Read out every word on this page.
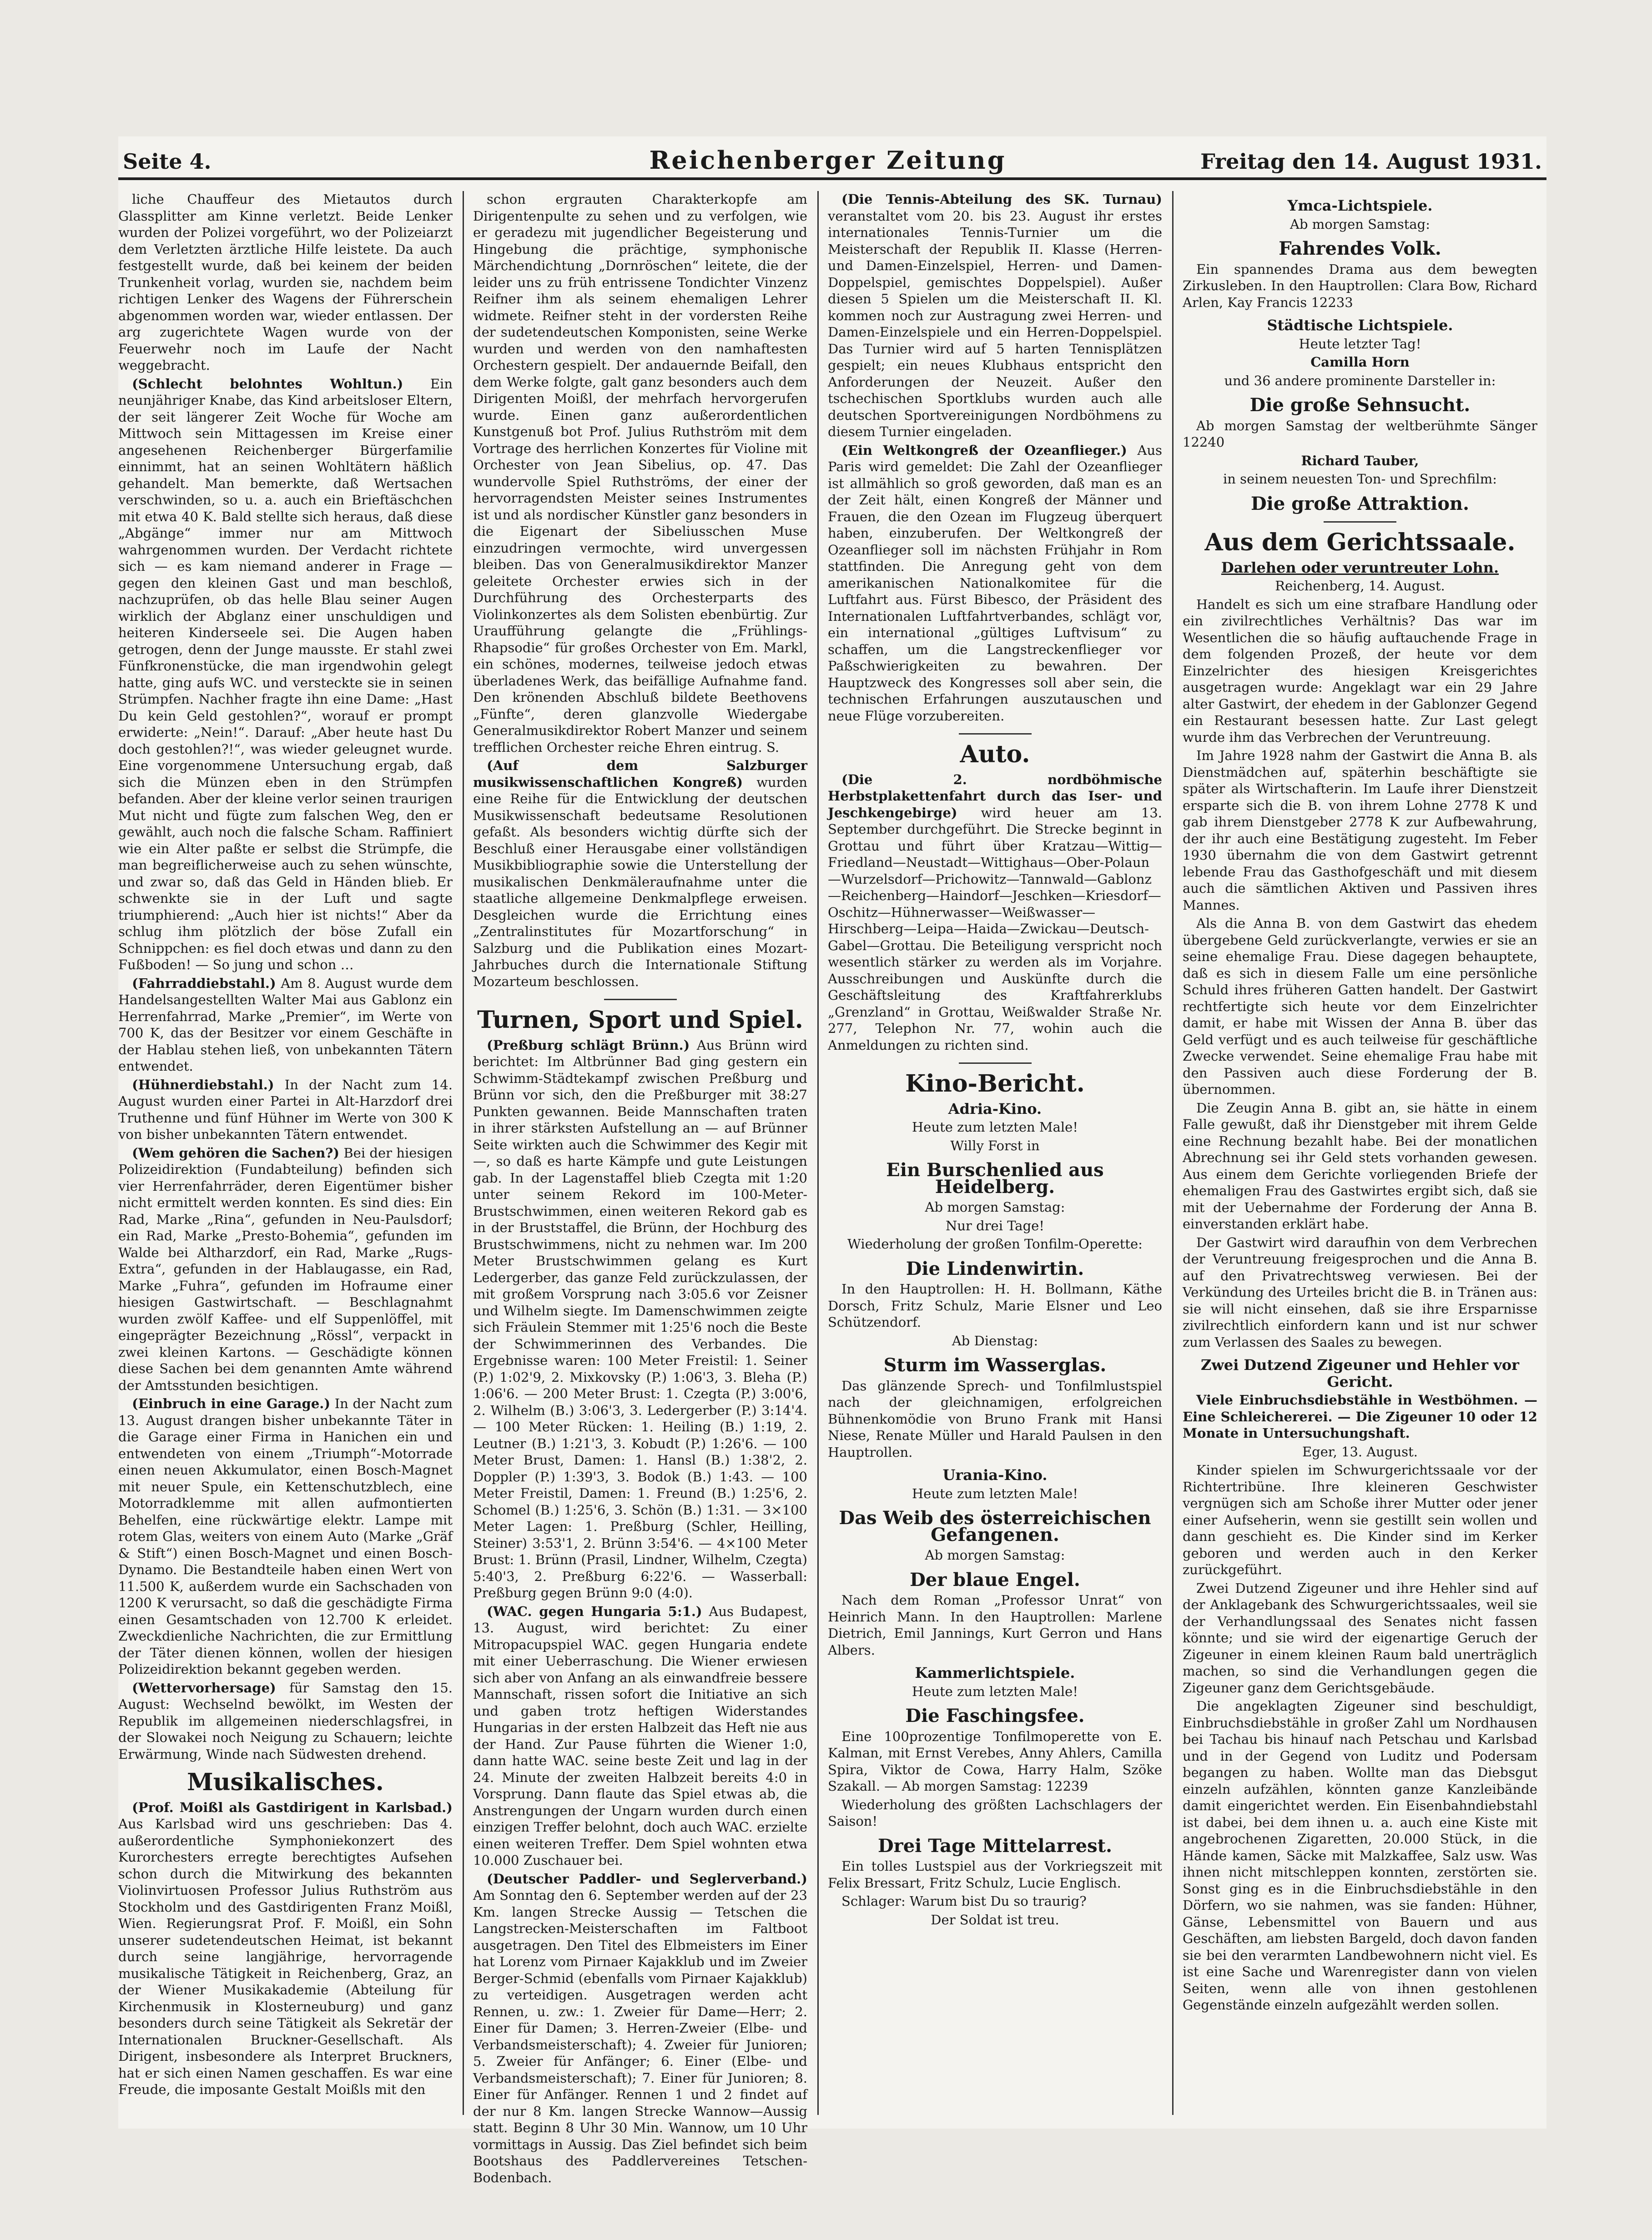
Seite 4.	Reichenberger Zeitung	Freitag den 14. August 1931.

liche Chauffeur des Mietautos durch Glassplitter am Kinne verletzt. Beide Lenker wurden der Polizei vorgeführt, wo der Polizeiarzt dem Verletzten ärztliche Hilfe leistete. Da auch festgestellt wurde, daß bei keinem der beiden Trunkenheit vorlag, wurden sie, nachdem beim richtigen Lenker des Wagens der Führerschein abgenommen worden war, wieder entlassen. Der arg zugerichtete Wagen wurde von der Feuerwehr noch im Laufe der Nacht weggebracht.

(Schlecht belohntes Wohltun.) Ein neunjähriger Knabe, das Kind arbeitsloser Eltern, der seit längerer Zeit Woche für Woche am Mittwoch sein Mittagessen im Kreise einer angesehenen Reichenberger Bürgerfamilie einnimmt, hat an seinen Wohltätern häßlich gehandelt. Man bemerkte, daß Wertsachen verschwinden, so u. a. auch ein Brieftäschchen mit etwa 40 K. Bald stellte sich heraus, daß diese „Abgänge“ immer nur am Mittwoch wahrgenommen wurden. Der Verdacht richtete sich — es kam niemand anderer in Frage — gegen den kleinen Gast und man beschloß, nachzuprüfen, ob das helle Blau seiner Augen wirklich der Abglanz einer unschuldigen und heiteren Kinderseele sei. Die Augen haben getrogen, denn der Junge mausste. Er stahl zwei Fünfkronenstücke, die man irgendwohin gelegt hatte, ging aufs WC. und versteckte sie in seinen Strümpfen. Nachher fragte ihn eine Dame: „Hast Du kein Geld gestohlen?“, worauf er prompt erwiderte: „Nein!“. Darauf: „Aber heute hast Du doch gestohlen?!“, was wieder geleugnet wurde. Eine vorgenommene Untersuchung ergab, daß sich die Münzen eben in den Strümpfen befanden. Aber der kleine verlor seinen traurigen Mut nicht und fügte zum falschen Weg, den er gewählt, auch noch die falsche Scham. Raffiniert wie ein Alter paßte er selbst die Strümpfe, die man begreiflicherweise auch zu sehen wünschte, und zwar so, daß das Geld in Händen blieb. Er schwenkte sie in der Luft und sagte triumphierend: „Auch hier ist nichts!“ Aber da schlug ihm plötzlich der böse Zufall ein Schnippchen: es fiel doch etwas und dann zu den Fußboden! — So jung und schon …

(Fahrraddiebstahl.) Am 8. August wurde dem Handelsangestellten Walter Mai aus Gablonz ein Herrenfahrrad, Marke „Premier“, im Werte von 700 K, das der Besitzer vor einem Geschäfte in der Hablau stehen ließ, von unbekannten Tätern entwendet.

(Hühnerdiebstahl.) In der Nacht zum 14. August wurden einer Partei in Alt-Harzdorf drei Truthenne und fünf Hühner im Werte von 300 K von bisher unbekannten Tätern entwendet.

(Wem gehören die Sachen?) Bei der hiesigen Polizeidirektion (Fundabteilung) befinden sich vier Herrenfahrräder, deren Eigentümer bisher nicht ermittelt werden konnten. Es sind dies: Ein Rad, Marke „Rina“, gefunden in Neu-Paulsdorf; ein Rad, Marke „Presto-Bohemia“, gefunden im Walde bei Altharzdorf, ein Rad, Marke „Rugs-Extra“, gefunden in der Hablaugasse, ein Rad, Marke „Fuhra“, gefunden im Hofraume einer hiesigen Gastwirtschaft. — Beschlagnahmt wurden zwölf Kaffee- und elf Suppenlöffel, mit eingeprägter Bezeichnung „Rössl“, verpackt in zwei kleinen Kartons. — Geschädigte können diese Sachen bei dem genannten Amte während der Amtsstunden besichtigen.

(Einbruch in eine Garage.) In der Nacht zum 13. August drangen bisher unbekannte Täter in die Garage einer Firma in Hanichen ein und entwendeten von einem „Triumph“-Motorrade einen neuen Akkumulator, einen Bosch-Magnet mit neuer Spule, ein Kettenschutzblech, eine Motorradklemme mit allen aufmontierten Behelfen, eine rückwärtige elektr. Lampe mit rotem Glas, weiters von einem Auto (Marke „Gräf & Stift“) einen Bosch-Magnet und einen Bosch-Dynamo. Die Bestandteile haben einen Wert von 11.500 K, außerdem wurde ein Sachschaden von 1200 K verursacht, so daß die geschädigte Firma einen Gesamtschaden von 12.700 K erleidet. Zweckdienliche Nachrichten, die zur Ermittlung der Täter dienen können, wollen der hiesigen Polizeidirektion bekannt gegeben werden.

(Wettervorhersage) für Samstag den 15. August: Wechselnd bewölkt, im Westen der Republik im allgemeinen niederschlagsfrei, in der Slowakei noch Neigung zu Schauern; leichte Erwärmung, Winde nach Südwesten drehend.

Musikalisches.

(Prof. Moißl als Gastdirigent in Karlsbad.) Aus Karlsbad wird uns geschrieben: Das 4. außerordentliche Symphoniekonzert des Kurorchesters erregte berechtigtes Aufsehen schon durch die Mitwirkung des bekannten Violinvirtuosen Professor Julius Ruthström aus Stockholm und des Gastdirigenten Franz Moißl, Wien. Regierungsrat Prof. F. Moißl, ein Sohn unserer sudetendeutschen Heimat, ist bekannt durch seine langjährige, hervorragende musikalische Tätigkeit in Reichenberg, Graz, an der Wiener Musikakademie (Abteilung für Kirchenmusik in Klosterneuburg) und ganz besonders durch seine Tätigkeit als Sekretär der Internationalen Bruckner-Gesellschaft. Als Dirigent, insbesondere als Interpret Bruckners, hat er sich einen Namen geschaffen. Es war eine Freude, die imposante Gestalt Moißls mit den

schon ergrauten Charakterkopfe am Dirigentenpulte zu sehen und zu verfolgen, wie er geradezu mit jugendlicher Begeisterung und Hingebung die prächtige, symphonische Märchendichtung „Dornröschen“ leitete, die der leider uns zu früh entrissene Tondichter Vinzenz Reifner ihm als seinem ehemaligen Lehrer widmete. Reifner steht in der vordersten Reihe der sudetendeutschen Komponisten, seine Werke wurden und werden von den namhaftesten Orchestern gespielt. Der andauernde Beifall, den dem Werke folgte, galt ganz besonders auch dem Dirigenten Moißl, der mehrfach hervorgerufen wurde. Einen ganz außerordentlichen Kunstgenuß bot Prof. Julius Ruthström mit dem Vortrage des herrlichen Konzertes für Violine mit Orchester von Jean Sibelius, op. 47. Das wundervolle Spiel Ruthströms, der einer der hervorragendsten Meister seines Instrumentes ist und als nordischer Künstler ganz besonders in die Eigenart der Sibeliusschen Muse einzudringen vermochte, wird unvergessen bleiben. Das von Generalmusikdirektor Manzer geleitete Orchester erwies sich in der Durchführung des Orchesterparts des Violinkonzertes als dem Solisten ebenbürtig. Zur Uraufführung gelangte die „Frühlings-Rhapsodie“ für großes Orchester von Em. Markl, ein schönes, modernes, teilweise jedoch etwas überladenes Werk, das beifällige Aufnahme fand. Den krönenden Abschluß bildete Beethovens „Fünfte“, deren glanzvolle Wiedergabe Generalmusikdirektor Robert Manzer und seinem trefflichen Orchester reiche Ehren eintrug. S.

(Auf dem Salzburger musikwissenschaftlichen Kongreß) wurden eine Reihe für die Entwicklung der deutschen Musikwissenschaft bedeutsame Resolutionen gefaßt. Als besonders wichtig dürfte sich der Beschluß einer Herausgabe einer vollständigen Musikbibliographie sowie die Unterstellung der musikalischen Denkmäleraufnahme unter die staatliche allgemeine Denkmalpflege erweisen. Desgleichen wurde die Errichtung eines „Zentralinstitutes für Mozartforschung“ in Salzburg und die Publikation eines Mozart-Jahrbuches durch die Internationale Stiftung Mozarteum beschlossen.

Turnen, Sport und Spiel.

(Preßburg schlägt Brünn.) Aus Brünn wird berichtet: Im Altbrünner Bad ging gestern ein Schwimm-Städtekampf zwischen Preßburg und Brünn vor sich, den die Preßburger mit 38:27 Punkten gewannen. Beide Mannschaften traten in ihrer stärksten Aufstellung an — auf Brünner Seite wirkten auch die Schwimmer des Kegir mit —, so daß es harte Kämpfe und gute Leistungen gab. In der Lagenstaffel blieb Czegta mit 1:20 unter seinem Rekord im 100-Meter-Brustschwimmen, einen weiteren Rekord gab es in der Bruststaffel, die Brünn, der Hochburg des Brustschwimmens, nicht zu nehmen war. Im 200 Meter Brustschwimmen gelang es Kurt Ledergerber, das ganze Feld zurückzulassen, der mit großem Vorsprung nach 3:05.6 vor Zeisner und Wilhelm siegte. Im Damenschwimmen zeigte sich Fräulein Stemmer mit 1:25'6 noch die Beste der Schwimmerinnen des Verbandes. Die Ergebnisse waren: 100 Meter Freistil: 1. Seiner (P.) 1:02'9, 2. Mixkovsky (P.) 1:06'3, 3. Bleha (P.) 1:06'6. — 200 Meter Brust: 1. Czegta (P.) 3:00'6, 2. Wilhelm (B.) 3:06'3, 3. Ledergerber (P.) 3:14'4. — 100 Meter Rücken: 1. Heiling (B.) 1:19, 2. Leutner (B.) 1:21'3, 3. Kobudt (P.) 1:26'6. — 100 Meter Brust, Damen: 1. Hansl (B.) 1:38'2, 2. Doppler (P.) 1:39'3, 3. Bodok (B.) 1:43. — 100 Meter Freistil, Damen: 1. Freund (B.) 1:25'6, 2. Schomel (B.) 1:25'6, 3. Schön (B.) 1:31. — 3×100 Meter Lagen: 1. Preßburg (Schler, Heilling, Steiner) 3:53'1, 2. Brünn 3:54'6. — 4×100 Meter Brust: 1. Brünn (Prasil, Lindner, Wilhelm, Czegta) 5:40'3, 2. Preßburg 6:22'6. — Wasserball: Preßburg gegen Brünn 9:0 (4:0).

(WAC. gegen Hungaria 5:1.) Aus Budapest, 13. August, wird berichtet: Zu einer Mitropacupspiel WAC. gegen Hungaria endete mit einer Ueberraschung. Die Wiener erwiesen sich aber von Anfang an als einwandfreie bessere Mannschaft, rissen sofort die Initiative an sich und gaben trotz heftigen Widerstandes Hungarias in der ersten Halbzeit das Heft nie aus der Hand. Zur Pause führten die Wiener 1:0, dann hatte WAC. seine beste Zeit und lag in der 24. Minute der zweiten Halbzeit bereits 4:0 in Vorsprung. Dann flaute das Spiel etwas ab, die Anstrengungen der Ungarn wurden durch einen einzigen Treffer belohnt, doch auch WAC. erzielte einen weiteren Treffer. Dem Spiel wohnten etwa 10.000 Zuschauer bei.

(Deutscher Paddler- und Seglerverband.) Am Sonntag den 6. September werden auf der 23 Km. langen Strecke Aussig — Tetschen die Langstrecken-Meisterschaften im Faltboot ausgetragen. Den Titel des Elbmeisters im Einer hat Lorenz vom Pirnaer Kajakklub und im Zweier Berger-Schmid (ebenfalls vom Pirnaer Kajakklub) zu verteidigen. Ausgetragen werden acht Rennen, u. zw.: 1. Zweier für Dame—Herr; 2. Einer für Damen; 3. Herren-Zweier (Elbe- und Verbandsmeisterschaft); 4. Zweier für Junioren; 5. Zweier für Anfänger; 6. Einer (Elbe- und Verbandsmeisterschaft); 7. Einer für Junioren; 8. Einer für Anfänger. Rennen 1 und 2 findet auf der nur 8 Km. langen Strecke Wannow—Aussig statt. Beginn 8 Uhr 30 Min. Wannow, um 10 Uhr vormittags in Aussig. Das Ziel befindet sich beim Bootshaus des Paddlervereines Tetschen-Bodenbach.

(Die Tennis-Abteilung des SK. Turnau) veranstaltet vom 20. bis 23. August ihr erstes internationales Tennis-Turnier um die Meisterschaft der Republik II. Klasse (Herren- und Damen-Einzelspiel, Herren- und Damen-Doppelspiel, gemischtes Doppelspiel). Außer diesen 5 Spielen um die Meisterschaft II. Kl. kommen noch zur Austragung zwei Herren- und Damen-Einzelspiele und ein Herren-Doppelspiel. Das Turnier wird auf 5 harten Tennisplätzen gespielt; ein neues Klubhaus entspricht den Anforderungen der Neuzeit. Außer den tschechischen Sportklubs wurden auch alle deutschen Sportvereinigungen Nordböhmens zu diesem Turnier eingeladen.

(Ein Weltkongreß der Ozeanflieger.) Aus Paris wird gemeldet: Die Zahl der Ozeanflieger ist allmählich so groß geworden, daß man es an der Zeit hält, einen Kongreß der Männer und Frauen, die den Ozean im Flugzeug überquert haben, einzuberufen. Der Weltkongreß der Ozeanflieger soll im nächsten Frühjahr in Rom stattfinden. Die Anregung geht von dem amerikanischen Nationalkomitee für die Luftfahrt aus. Fürst Bibesco, der Präsident des Internationalen Luftfahrtverbandes, schlägt vor, ein international „gültiges Luftvisum“ zu schaffen, um die Langstreckenflieger vor Paßschwierigkeiten zu bewahren. Der Hauptzweck des Kongresses soll aber sein, die technischen Erfahrungen auszutauschen und neue Flüge vorzubereiten.

Auto.

(Die 2. nordböhmische Herbstplakettenfahrt durch das Iser- und Jeschkengebirge) wird heuer am 13. September durchgeführt. Die Strecke beginnt in Grottau und führt über Kratzau—Wittig—Friedland—Neustadt—Wittighaus—Ober-Polaun—Wurzelsdorf—Prichowitz—Tannwald—Gablonz—Reichenberg—Haindorf—Jeschken—Kriesdorf—Oschitz—Hühnerwasser—Weißwasser—Hirschberg—Leipa—Haida—Zwickau—Deutsch-Gabel—Grottau. Die Beteiligung verspricht noch wesentlich stärker zu werden als im Vorjahre. Ausschreibungen und Auskünfte durch die Geschäftsleitung des Kraftfahrerklubs „Grenzland“ in Grottau, Weißwalder Straße Nr. 277, Telephon Nr. 77, wohin auch die Anmeldungen zu richten sind.

Kino-Bericht.
Adria-Kino.

Heute zum letzten Male!

Willy Forst in

Ein Burschenlied aus Heidelberg.

Ab morgen Samstag:

Nur drei Tage!

Wiederholung der großen Tonfilm-Operette:

Die Lindenwirtin.

In den Hauptrollen: H. H. Bollmann, Käthe Dorsch, Fritz Schulz, Marie Elsner und Leo Schützendorf.

Ab Dienstag:

Sturm im Wasserglas.

Das glänzende Sprech- und Tonfilmlustspiel nach der gleichnamigen, erfolgreichen Bühnenkomödie von Bruno Frank mit Hansi Niese, Renate Müller und Harald Paulsen in den Hauptrollen.

Urania-Kino.

Heute zum letzten Male!

Das Weib des österreichischen Gefangenen.

Ab morgen Samstag:

Der blaue Engel.

Nach dem Roman „Professor Unrat“ von Heinrich Mann. In den Hauptrollen: Marlene Dietrich, Emil Jannings, Kurt Gerron und Hans Albers.

Kammerlichtspiele.

Heute zum letzten Male!

Die Faschingsfee.

Eine 100prozentige Tonfilmoperette von E. Kalman, mit Ernst Verebes, Anny Ahlers, Camilla Spira, Viktor de Cowa, Harry Halm, Szöke Szakall. — Ab morgen Samstag: 12239

Wiederholung des größten Lachschlagers der Saison!

Drei Tage Mittelarrest.

Ein tolles Lustspiel aus der Vorkriegszeit mit Felix Bressart, Fritz Schulz, Lucie Englisch.

Schlager: Warum bist Du so traurig?

Der Soldat ist treu.

Ymca-Lichtspiele.

Ab morgen Samstag:

Fahrendes Volk.

Ein spannendes Drama aus dem bewegten Zirkusleben. In den Hauptrollen: Clara Bow, Richard Arlen, Kay Francis 12233

Städtische Lichtspiele.

Heute letzter Tag!

Camilla Horn

und 36 andere prominente Darsteller in:

Die große Sehnsucht.

Ab morgen Samstag der weltberühmte Sänger 12240

Richard Tauber,

in seinem neuesten Ton- und Sprechfilm:

Die große Attraktion.
Aus dem Gerichtssaale.
Darlehen oder veruntreuter Lohn.

Reichenberg, 14. August.

Handelt es sich um eine strafbare Handlung oder ein zivilrechtliches Verhältnis? Das war im Wesentlichen die so häufig auftauchende Frage in dem folgenden Prozeß, der heute vor dem Einzelrichter des hiesigen Kreisgerichtes ausgetragen wurde: Angeklagt war ein 29 Jahre alter Gastwirt, der ehedem in der Gablonzer Gegend ein Restaurant besessen hatte. Zur Last gelegt wurde ihm das Verbrechen der Veruntreuung.

Im Jahre 1928 nahm der Gastwirt die Anna B. als Dienstmädchen auf, späterhin beschäftigte sie später als Wirtschafterin. Im Laufe ihrer Dienstzeit ersparte sich die B. von ihrem Lohne 2778 K und gab ihrem Dienstgeber 2778 K zur Aufbewahrung, der ihr auch eine Bestätigung zugesteht. Im Feber 1930 übernahm die von dem Gastwirt getrennt lebende Frau das Gasthofgeschäft und mit diesem auch die sämtlichen Aktiven und Passiven ihres Mannes.

Als die Anna B. von dem Gastwirt das ehedem übergebene Geld zurückverlangte, verwies er sie an seine ehemalige Frau. Diese dagegen behauptete, daß es sich in diesem Falle um eine persönliche Schuld ihres früheren Gatten handelt. Der Gastwirt rechtfertigte sich heute vor dem Einzelrichter damit, er habe mit Wissen der Anna B. über das Geld verfügt und es auch teilweise für geschäftliche Zwecke verwendet. Seine ehemalige Frau habe mit den Passiven auch diese Forderung der B. übernommen.

Die Zeugin Anna B. gibt an, sie hätte in einem Falle gewußt, daß ihr Dienstgeber mit ihrem Gelde eine Rechnung bezahlt habe. Bei der monatlichen Abrechnung sei ihr Geld stets vorhanden gewesen. Aus einem dem Gerichte vorliegenden Briefe der ehemaligen Frau des Gastwirtes ergibt sich, daß sie mit der Uebernahme der Forderung der Anna B. einverstanden erklärt habe.

Der Gastwirt wird daraufhin von dem Verbrechen der Veruntreuung freigesprochen und die Anna B. auf den Privatrechtsweg verwiesen. Bei der Verkündung des Urteiles bricht die B. in Tränen aus: sie will nicht einsehen, daß sie ihre Ersparnisse zivilrechtlich einfordern kann und ist nur schwer zum Verlassen des Saales zu bewegen.

Zwei Dutzend Zigeuner und Hehler vor Gericht.

Viele Einbruchsdiebstähle in Westböhmen. — Eine Schleichererei. — Die Zigeuner 10 oder 12 Monate in Untersuchungshaft.

Eger, 13. August.

Kinder spielen im Schwurgerichtssaale vor der Richtertribüne. Ihre kleineren Geschwister vergnügen sich am Schoße ihrer Mutter oder jener einer Aufseherin, wenn sie gestillt sein wollen und dann geschieht es. Die Kinder sind im Kerker geboren und werden auch in den Kerker zurückgeführt.

Zwei Dutzend Zigeuner und ihre Hehler sind auf der Anklagebank des Schwurgerichtssaales, weil sie der Verhandlungssaal des Senates nicht fassen könnte; und sie wird der eigenartige Geruch der Zigeuner in einem kleinen Raum bald unerträglich machen, so sind die Verhandlungen gegen die Zigeuner ganz dem Gerichtsgebäude.

Die angeklagten Zigeuner sind beschuldigt, Einbruchsdiebstähle in großer Zahl um Nordhausen bei Tachau bis hinauf nach Petschau und Karlsbad und in der Gegend von Luditz und Podersam begangen zu haben. Wollte man das Diebsgut einzeln aufzählen, könnten ganze Kanzleibände damit eingerichtet werden. Ein Eisenbahndiebstahl ist dabei, bei dem ihnen u. a. auch eine Kiste mit angebrochenen Zigaretten, 20.000 Stück, in die Hände kamen, Säcke mit Malzkaffee, Salz usw. Was ihnen nicht mitschleppen konnten, zerstörten sie. Sonst ging es in die Einbruchsdiebstähle in den Dörfern, wo sie nahmen, was sie fanden: Hühner, Gänse, Lebensmittel von Bauern und aus Geschäften, am liebsten Bargeld, doch davon fanden sie bei den verarmten Landbewohnern nicht viel. Es ist eine Sache und Warenregister dann von vielen Seiten, wenn alle von ihnen gestohlenen Gegenstände einzeln aufgezählt werden sollen.
